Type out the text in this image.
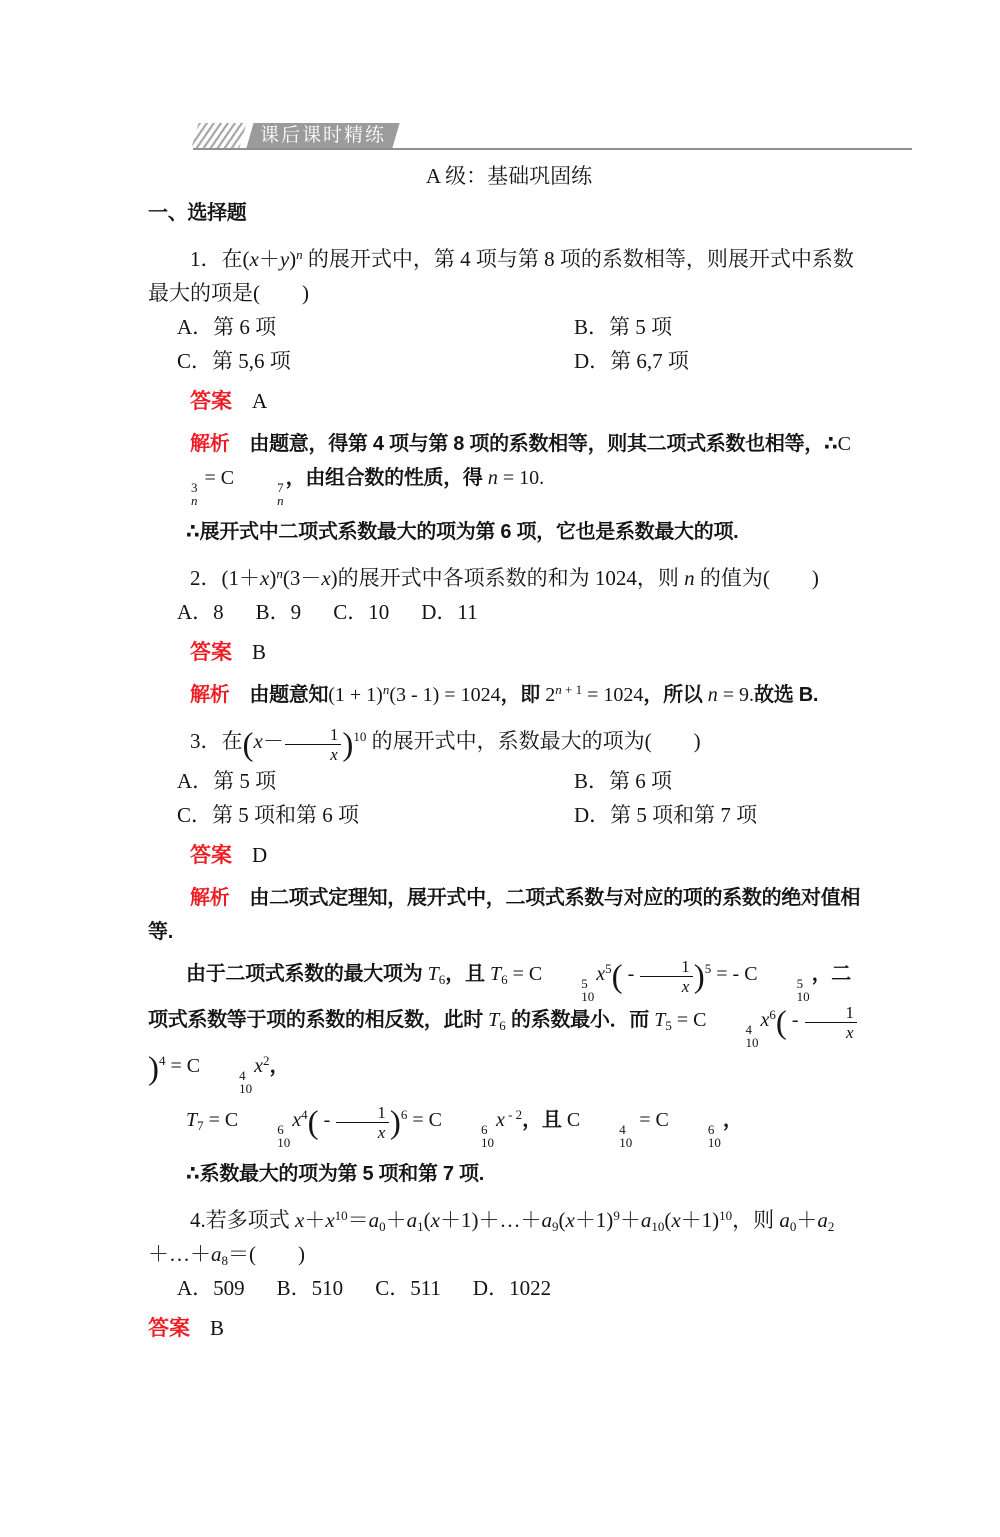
课后课时精练

A 级：基础巩固练

一、选择题

1．在$(x+y)^n$ 的展开式中，第 4 项与第 8 项的系数相等，则展开式中系数最大的项是(　　)

A．第 6 项	B．第 5 项

C．第 5,6 项	D．第 6,7 项

答案 A

解析 由题意，得第 4 项与第 8 项的系数相等，则其二项式系数也相等，∴C
3
n
= C	7
n
，由组合数的性质，得 n = 10.

∴展开式中二项式系数最大的项为第 6 项，它也是系数最大的项.

2．$(1+x)^n(3-x)$的展开式中各项系数的和为 1024，则 n 的值为(　　)

A．8 B．9 C．10 D．11

答案 B

解析 由题意知$(1 + 1)^n(3 - 1) = 1024$，即 $2^{n + 1} = 1024$，所以 n = 9.故选 B.

3．在$(x- \frac{1}{x} )^{10}$ 的展开式中，系数最大的项为(　　)

A．第 5 项	B．第 6 项

C．第 5 项和第 6 项	D．第 5 项和第 7 项

答案 D

解析 由二项式定理知，展开式中，二项式系数与对应的项的系数的绝对值相等.

由于二项式系数的最大项为 $T_6$，且 $T_6 = C$	5
10
$x^5( - \frac{1}{x} )^5$ = - C	5
10
，二项式系数等于项的系数的相反数，此时 $T_6$ 的系数最小．而 $T_5 = C$	4
10
$x^6( - \frac{1}{x}$
)$^4$ = C	4
10
$x^2$，

$T_7 = C$	6
10
$x^4( - \frac{1}{x} )^6 = C$	6
10
x $^{- 2}$，且 C	4
10
= C	6
10
，

∴系数最大的项为第 5 项和第 7 项.

4.若多项式 $x+x^{10}=a_0+a_1(x+1)+\dots+a_9(x+1)^9+a_{10}(x+1)^{10}$，则 $a_0+a_2+\dots+a_8=$(　　)

A．509 B．510 C．511 D．1022

答案 B
